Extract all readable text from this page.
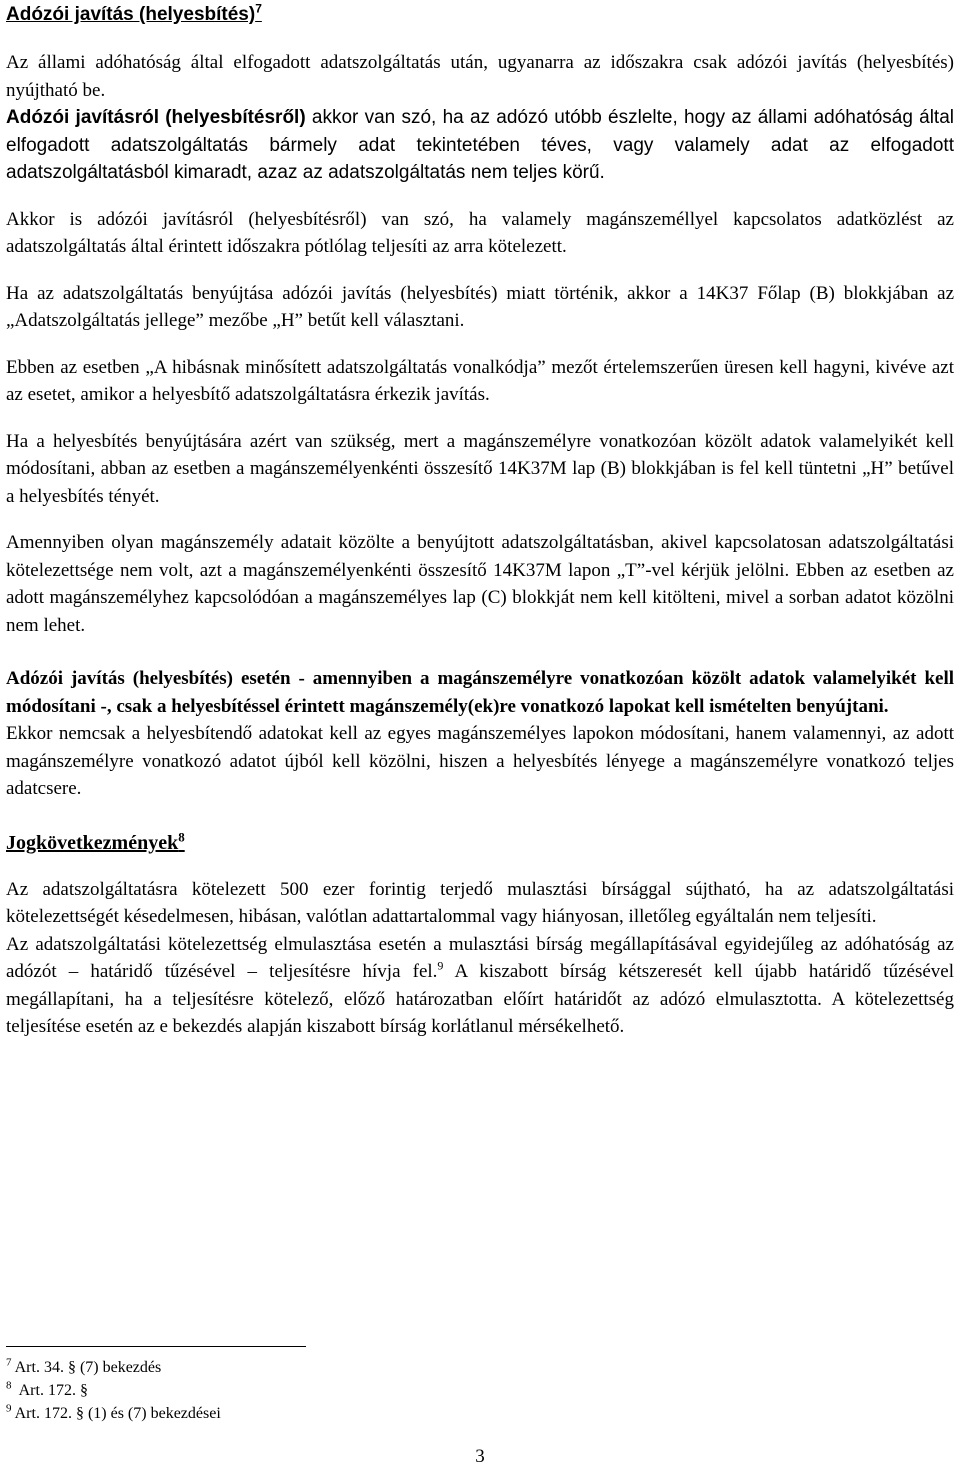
Adózói javítás (helyesbítés)$^7$

Az állami adóhatóság által elfogadott adatszolgáltatás után, ugyanarra az időszakra csak adózói javítás (helyesbítés) nyújtható be.

Adózói javításról (helyesbítésről) akkor van szó, ha az adózó utóbb észlelte, hogy az állami adóhatóság által elfogadott adatszolgáltatás bármely adat tekintetében téves, vagy valamely adat az elfogadott adatszolgáltatásból kimaradt, azaz az adatszolgáltatás nem teljes körű.

Akkor is adózói javításról (helyesbítésről) van szó, ha valamely magánszeméllyel kapcsolatos adatközlést az adatszolgáltatás által érintett időszakra pótlólag teljesíti az arra kötelezett.

Ha az adatszolgáltatás benyújtása adózói javítás (helyesbítés) miatt történik, akkor a 14K37 Főlap (B) blokkjában az „Adatszolgáltatás jellege” mezőbe „H” betűt kell választani.

Ebben az esetben „A hibásnak minősített adatszolgáltatás vonalkódja” mezőt értelemszerűen üresen kell hagyni, kivéve azt az esetet, amikor a helyesbítő adatszolgáltatásra érkezik javítás.

Ha a helyesbítés benyújtására azért van szükség, mert a magánszemélyre vonatkozóan közölt adatok valamelyikét kell módosítani, abban az esetben a magánszemélyenkénti összesítő 14K37M lap (B) blokkjában is fel kell tüntetni „H” betűvel a helyesbítés tényét.

Amennyiben olyan magánszemély adatait közölte a benyújtott adatszolgáltatásban, akivel kapcsolatosan adatszolgáltatási kötelezettsége nem volt, azt a magánszemélyenkénti összesítő 14K37M lapon „T”-vel kérjük jelölni. Ebben az esetben az adott magánszemélyhez kapcsolódóan a magánszemélyes lap (C) blokkját nem kell kitölteni, mivel a sorban adatot közölni nem lehet.

Adózói javítás (helyesbítés) esetén - amennyiben a magánszemélyre vonatkozóan közölt adatok valamelyikét kell módosítani -, csak a helyesbítéssel érintett magánszemély(ek)re vonatkozó lapokat kell ismételten benyújtani.

Ekkor nemcsak a helyesbítendő adatokat kell az egyes magánszemélyes lapokon módosítani, hanem valamennyi, az adott magánszemélyre vonatkozó adatot újból kell közölni, hiszen a helyesbítés lényege a magánszemélyre vonatkozó teljes adatcsere.

Jogkövetkezmények$^8$

Az adatszolgáltatásra kötelezett 500 ezer forintig terjedő mulasztási bírsággal sújtható, ha az adatszolgáltatási kötelezettségét késedelmesen, hibásan, valótlan adattartalommal vagy hiányosan, illetőleg egyáltalán nem teljesíti.

Az adatszolgáltatási kötelezettség elmulasztása esetén a mulasztási bírság megállapításával egyidejűleg az adóhatóság az adózót – határidő tűzésével – teljesítésre hívja fel.$^9$ A kiszabott bírság kétszeresét kell újabb határidő tűzésével megállapítani, ha a teljesítésre kötelező, előző határozatban előírt határidőt az adózó elmulasztotta. A kötelezettség teljesítése esetén az e bekezdés alapján kiszabott bírság korlátlanul mérsékelhető.

$^7$ Art. 34. § (7) bekezdés
$^8$  Art. 172. §
$^9$ Art. 172. § (1) és (7) bekezdései
3
